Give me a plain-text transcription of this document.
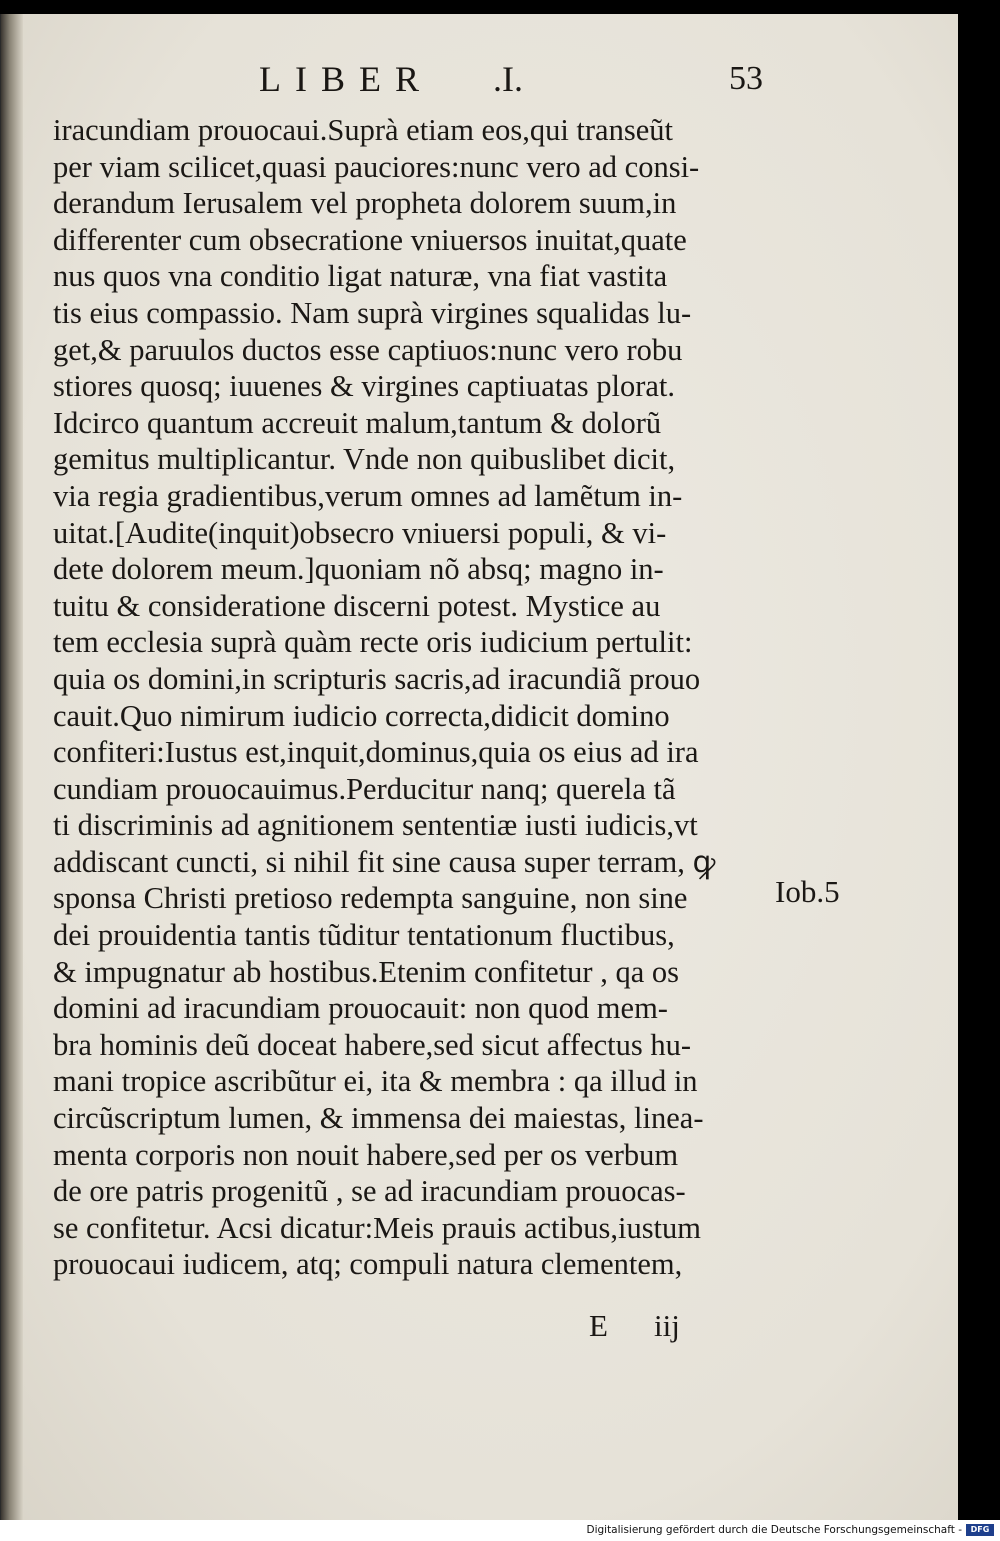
LIBER .I.	53
iracundiam prouocaui.Suprà etiam eos,qui transeũt
per viam scilicet,quasi pauciores:nunc vero ad consi-
derandum Ierusalem vel propheta dolorem suum,in
differenter cum obsecratione vniuersos inuitat,quate
nus quos vna conditio ligat naturæ, vna fiat vastita
tis eius compassio. Nam suprà virgines squalidas lu-
get,& paruulos ductos esse captiuos:nunc vero robu
stiores quosq; iuuenes & virgines captiuatas plorat.
Idcirco quantum accreuit malum,tantum & dolorũ
gemitus multiplicantur. Vnde non quibuslibet dicit,
via regia gradientibus,verum omnes ad lamẽtum in-
uitat.[Audite(inquit)obsecro vniuersi populi, & vi-
dete dolorem meum.]quoniam nõ absq; magno in-
tuitu & consideratione discerni potest. Mystice au
tem ecclesia suprà quàm recte oris iudicium pertulit:
quia os domini,in scripturis sacris,ad iracundiã prouo
cauit.Quo nimirum iudicio correcta,didicit domino
confiteri:Iustus est,inquit,dominus,quia os eius ad ira
cundiam prouocauimus.Perducitur nanq; querela tã
ti discriminis ad agnitionem sententiæ iusti iudicis,vt
addiscant cuncti, si nihil fit sine causa super terram, ꝙ
sponsa Christi pretioso redempta sanguine, non sine
dei prouidentia tantis tũditur tentationum fluctibus,
& impugnatur ab hostibus.Etenim confitetur , qa os
domini ad iracundiam prouocauit: non quod mem-
bra hominis deũ doceat habere,sed sicut affectus hu-
mani tropice ascribũtur ei, ita & membra : qa illud in
circũscriptum lumen, & immensa dei maiestas, linea-
menta corporis non nouit habere,sed per os verbum
de ore patris progenitũ , se ad iracundiam prouocas-
se confitetur. Acsi dicatur:Meis prauis actibus,iustum
prouocaui iudicem, atq; compuli natura clementem,
Iob.5
E iij
Digitalisierung gefördert durch die Deutsche Forschungsgemeinschaft -	DFG
